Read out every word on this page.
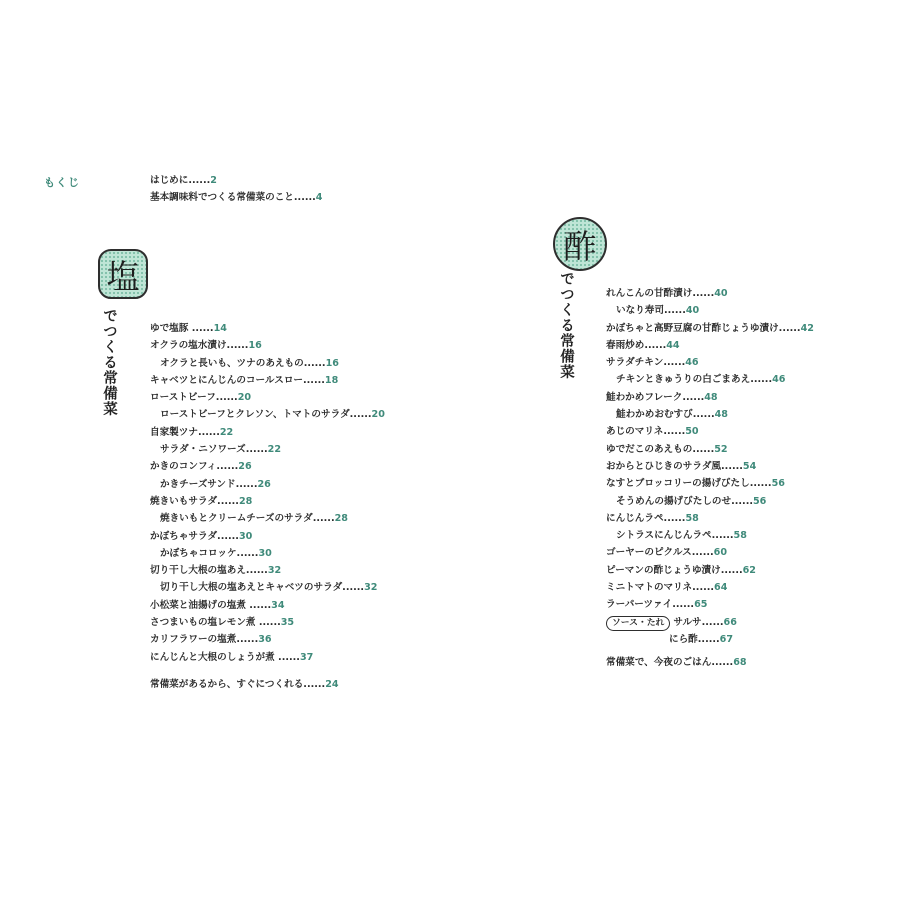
もくじ	はじめに......2
基本調味料でつくる常備菜のこと......4
塩
でつくる常備菜	ゆで塩豚 ......14
オクラの塩水漬け......16
オクラと長いも、ツナのあえもの......16
キャベツとにんじんのコールスロー......18
ローストビーフ......20
ローストビーフとクレソン、トマトのサラダ......20
自家製ツナ......22
サラダ・ニソワーズ......22
かきのコンフィ......26
かきチーズサンド......26
焼きいもサラダ......28
焼きいもとクリームチーズのサラダ......28
かぼちゃサラダ......30
かぼちゃコロッケ......30
切り干し大根の塩あえ......32
切り干し大根の塩あえとキャベツのサラダ......32
小松菜と油揚げの塩煮 ......34
さつまいもの塩レモン煮 ......35
カリフラワーの塩煮......36
にんじんと大根のしょうが煮 ......37
常備菜があるから、すぐにつくれる......24
酢
でつくる常備菜	れんこんの甘酢漬け......40
いなり寿司......40
かぼちゃと高野豆腐の甘酢じょうゆ漬け......42
春雨炒め......44
サラダチキン......46
チキンときゅうりの白ごまあえ......46
鮭わかめフレーク......48
鮭わかめおむすび......48
あじのマリネ......50
ゆでだこのあえもの......52
おからとひじきのサラダ風......54
なすとブロッコリーの揚げびたし......56
そうめんの揚げびたしのせ......56
にんじんラペ......58
シトラスにんじんラペ......58
ゴーヤーのピクルス......60
ピーマンの酢じょうゆ漬け......62
ミニトマトのマリネ......64
ラーパーツァイ......65
ソース・たれ サルサ......66
にら酢......67
常備菜で、今夜のごはん......68
